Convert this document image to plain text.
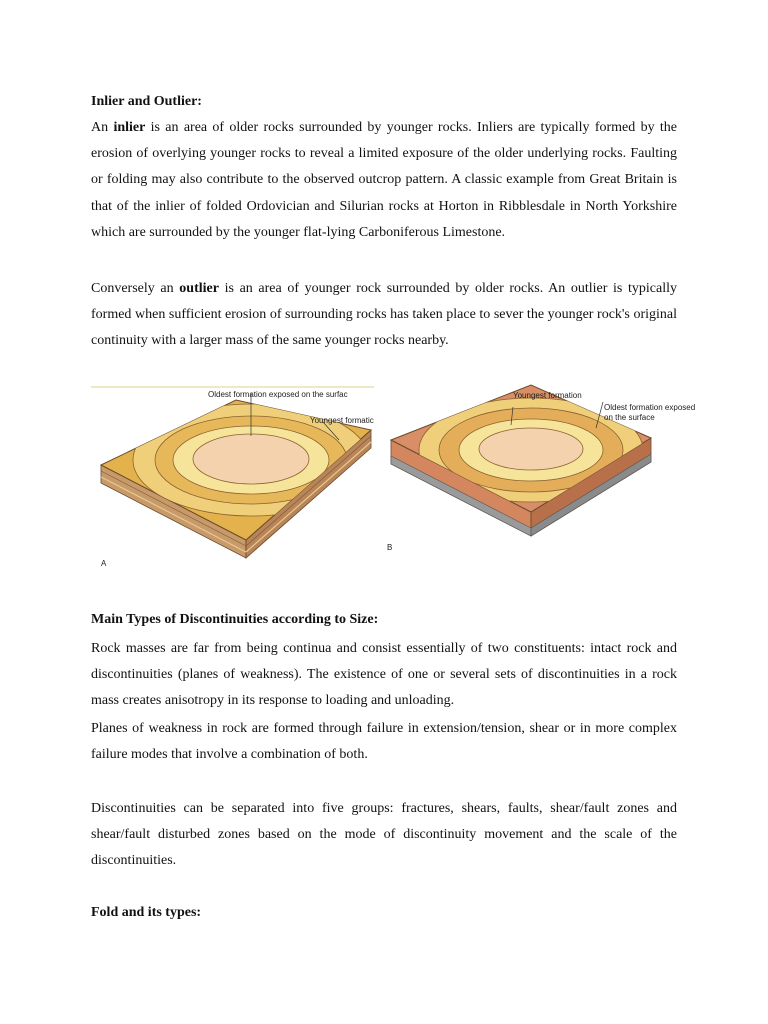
Inlier and Outlier:

An inlier is an area of older rocks surrounded by younger rocks. Inliers are typically formed by the erosion of overlying younger rocks to reveal a limited exposure of the older underlying rocks. Faulting or folding may also contribute to the observed outcrop pattern. A classic example from Great Britain is that of the inlier of folded Ordovician and Silurian rocks at Horton in Ribblesdale in North Yorkshire which are surrounded by the younger flat-lying Carboniferous Limestone.

Conversely an outlier is an area of younger rock surrounded by older rocks. An outlier is typically formed when sufficient erosion of surrounding rocks has taken place to sever the younger rock's original continuity with a larger mass of the same younger rocks nearby.

Oldest formation exposed on the surfac
Youngest formatic
A
Youngest formation
Oldest formation exposed
on the surface
B
Main Types of Discontinuities according to Size:

Rock masses are far from being continua and consist essentially of two constituents: intact rock and discontinuities (planes of weakness). The existence of one or several sets of discontinuities in a rock mass creates anisotropy in its response to loading and unloading.

Planes of weakness in rock are formed through failure in extension/tension, shear or in more complex failure modes that involve a combination of both.

Discontinuities can be separated into five groups: fractures, shears, faults, shear/fault zones and shear/fault disturbed zones based on the mode of discontinuity movement and the scale of the discontinuities.

Fold and its types:
